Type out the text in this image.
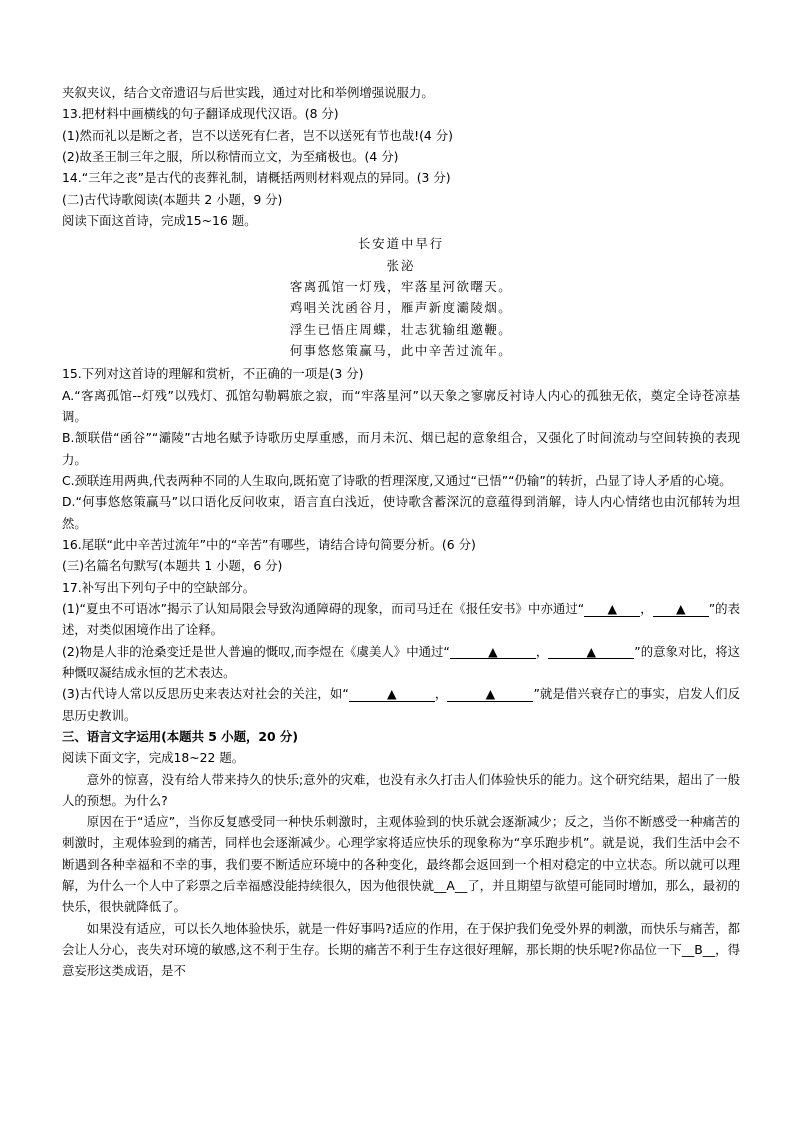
夹叙夹议，结合文帝遗诏与后世实践，通过对比和举例增强说服力。
13.把材料中画横线的句子翻译成现代汉语。(8 分)
(1)然而礼以是断之者，岂不以送死有仁者，岂不以送死有节也哉!(4 分)
(2)故圣王制三年之服，所以称情而立文，为至痛极也。(4 分)
14.“三年之丧”是古代的丧葬礼制，请概括两则材料观点的异同。(3 分)
(二)古代诗歌阅读(本题共 2 小题，9 分)
阅读下面这首诗，完成15~16 题。
长安道中早行
张泌
客离孤馆一灯残，牢落星河欲曙天。
鸡唱关沈函谷月，雁声新度灞陵烟。
浮生已悟庄周蝶，壮志犹输组邀鞭。
何事悠悠策赢马，此中辛苦过流年。
15.下列对这首诗的理解和赏析，不正确的一项是(3 分)
A.“客离孤馆--灯残”以残灯、孤馆勾勒羁旅之寂，而“牢落星河”以天象之寥廓反衬诗人内心的孤独无依，奠定全诗苍凉基调。
B.颔联借“函谷”“灞陵”古地名赋予诗歌历史厚重感，而月未沉、烟已起的意象组合，又强化了时间流动与空间转换的表现力。
C.颈联连用两典,代表两种不同的人生取向,既拓宽了诗歌的哲理深度,又通过“已悟”“仍输”的转折，凸显了诗人矛盾的心境。
D.“何事悠悠策赢马”以口语化反问收束，语言直白浅近，使诗歌含蓄深沉的意蕴得到消解，诗人内心情绪也由沉郁转为坦然。
16.尾联“此中辛苦过流年”中的“辛苦”有哪些，请结合诗句简要分析。(6 分)
(三)名篇名句默写(本题共 1 小题，6 分)
17.补写出下列句子中的空缺部分。
(1)“夏虫不可语冰”揭示了认知局限会导致沟通障碍的现象，而司马迁在《报任安书》中亦通过“ ▲ ， ▲ ”的表述，对类似困境作出了诠释。
(2)物是人非的沧桑变迁是世人普遍的慨叹,而李煜在《虞美人》中通过“	▲	，	▲	”的意象对比，将这种慨叹凝结成永恒的艺术表达。
(3)古代诗人常以反思历史来表达对社会的关注，如“	▲	，	▲	”就是借兴衰存亡的事实，启发人们反思历史教训。
三、语言文字运用(本题共 5 小题，20 分)
阅读下面文字，完成18~22 题。
意外的惊喜，没有给人带来持久的快乐;意外的灾难，也没有永久打击人们体验快乐的能力。这个研究结果，超出了一般人的预想。为什么?
原因在于“适应”，当你反复感受同一种快乐刺激时，主观体验到的快乐就会逐渐减少；反之，当你不断感受一种痛苦的刺激时，主观体验到的痛苦，同样也会逐渐减少。心理学家将适应快乐的现象称为“享乐跑步机”。就是说，我们生活中会不断遇到各种幸福和不幸的事，我们要不断适应环境中的各种变化，最终都会返回到一个相对稳定的中立状态。所以就可以理解，为什么一个人中了彩票之后幸福感没能持续很久，因为他很快就__A__了，并且期望与欲望可能同时增加，那么，最初的快乐，很快就降低了。
如果没有适应，可以长久地体验快乐，就是一件好事吗?适应的作用，在于保护我们免受外界的刺激，而快乐与痛苦，都会让人分心，丧失对环境的敏感,这不利于生存。长期的痛苦不利于生存这很好理解，那长期的快乐呢?你品位一下__B__，得意妄形这类成语，是不
